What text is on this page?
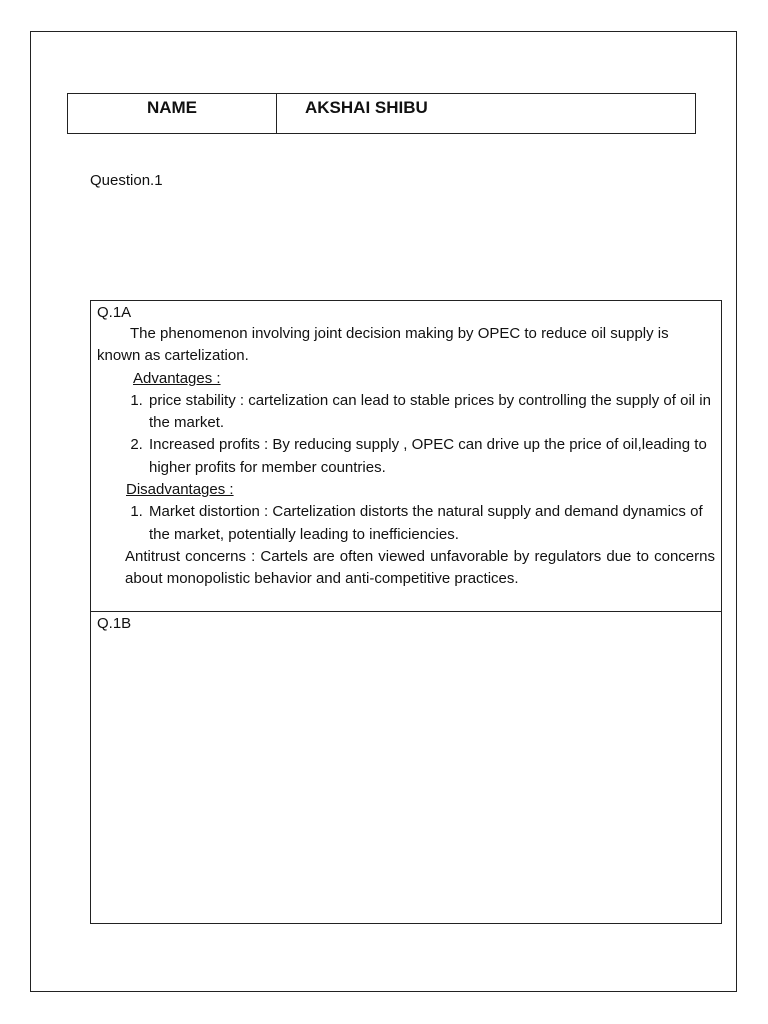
NAME	AKSHAI SHIBU
Question.1
Q.1A

The phenomenon involving joint decision making by OPEC to reduce oil supply is known as cartelization.

Advantages :

1. price stability : cartelization can lead to stable prices by controlling the supply of oil in the market.
2. Increased profits : By reducing supply , OPEC can drive up the price of oil,leading to higher profits for member countries.

Disadvantages :

1. Market distortion : Cartelization distorts the natural supply and demand dynamics of the market, potentially leading to inefficiencies.

Antitrust concerns : Cartels are often viewed unfavorable by regulators due to concerns about monopolistic behavior and anti-competitive practices.

Q.1B
